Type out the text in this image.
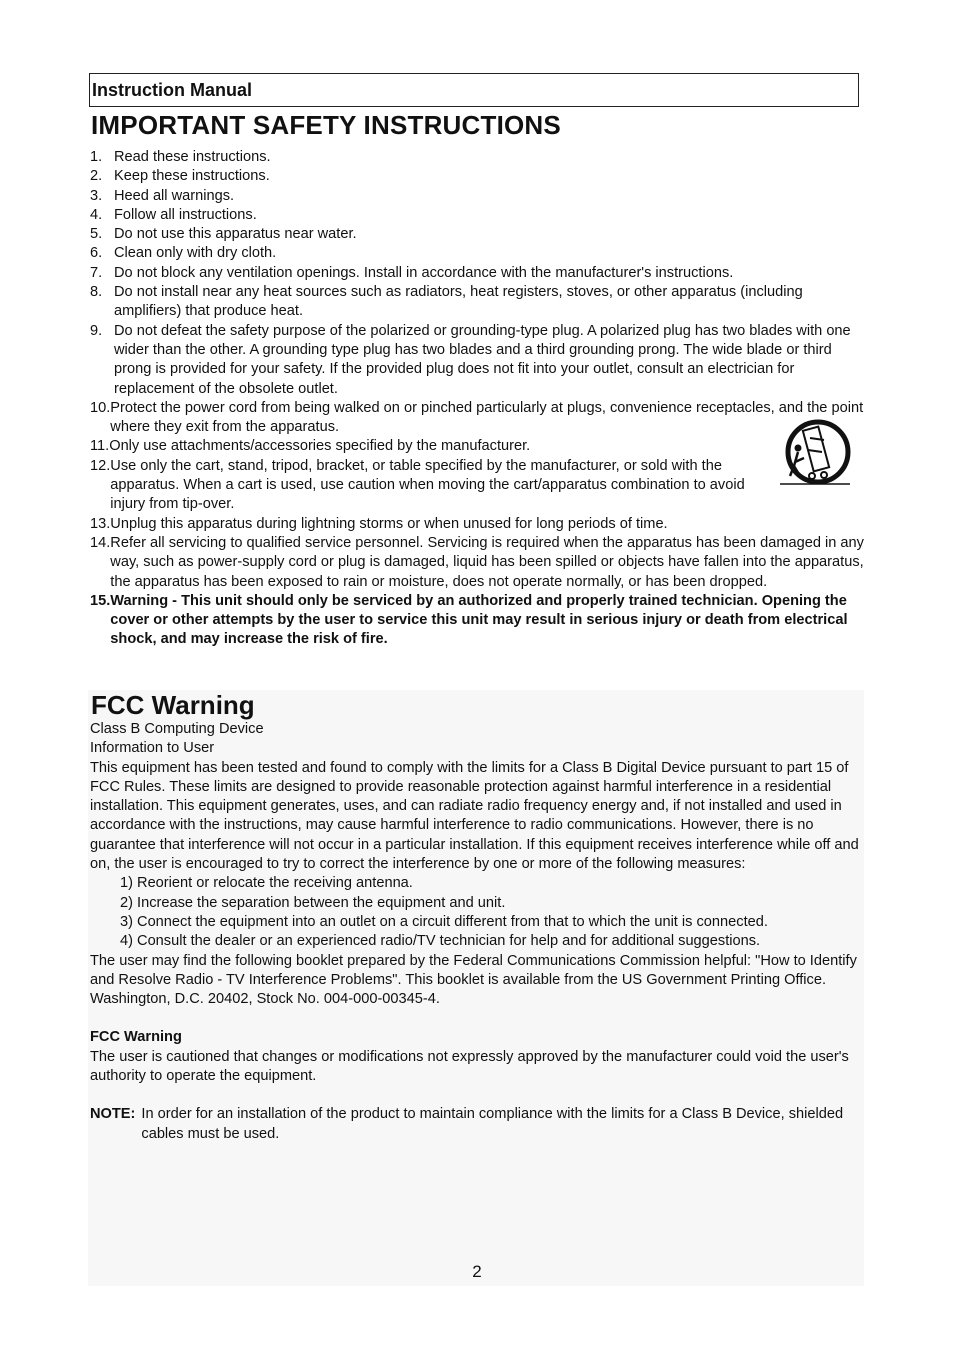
Instruction Manual
IMPORTANT SAFETY INSTRUCTIONS
1. Read these instructions.
2. Keep these instructions.
3. Heed all warnings.
4. Follow all instructions.
5. Do not use this apparatus near water.
6. Clean only with dry cloth.
7. Do not block any ventilation openings. Install in accordance with the manufacturer's instructions.
8. Do not install near any heat sources such as radiators, heat registers, stoves, or other apparatus (including amplifiers) that produce heat.
9. Do not defeat the safety purpose of the polarized or grounding-type plug. A polarized plug has two blades with one wider than the other. A grounding type plug has two blades and a third grounding prong. The wide blade or third prong is provided for your safety. If the provided plug does not fit into your outlet, consult an electrician for replacement of the obsolete outlet.
10. Protect the power cord from being walked on or pinched particularly at plugs, convenience receptacles, and the point where they exit from the apparatus.
11. Only use attachments/accessories specified by the manufacturer.
12. Use only the cart, stand, tripod, bracket, or table specified by the manufacturer, or sold with the apparatus. When a cart is used, use caution when moving the cart/apparatus combination to avoid injury from tip-over.
13. Unplug this apparatus during lightning storms or when unused for long periods of time.
14. Refer all servicing to qualified service personnel. Servicing is required when the apparatus has been damaged in any way, such as power-supply cord or plug is damaged, liquid has been spilled or objects have fallen into the apparatus, the apparatus has been exposed to rain or moisture, does not operate normally, or has been dropped.
15. Warning - This unit should only be serviced by an authorized and properly trained technician. Opening the cover or other attempts by the user to service this unit may result in serious injury or death from electrical shock, and may increase the risk of fire.
FCC Warning

Class B Computing Device

Information to User

This equipment has been tested and found to comply with the limits for a Class B Digital Device pursuant to part 15 of FCC Rules. These limits are designed to provide reasonable protection against harmful interference in a residential installation. This equipment generates, uses, and can radiate radio frequency energy and, if not installed and used in accordance with the instructions, may cause harmful interference to radio communications. However, there is no guarantee that interference will not occur in a particular installation. If this equipment receives interference while off and on, the user is encouraged to try to correct the interference by one or more of the following measures:

1) Reorient or relocate the receiving antenna.

2) Increase the separation between the equipment and unit.

3) Connect the equipment into an outlet on a circuit different from that to which the unit is connected.

4) Consult the dealer or an experienced radio/TV technician for help and for additional suggestions.

The user may find the following booklet prepared by the Federal Communications Commission helpful: "How to Identify and Resolve Radio - TV Interference Problems". This booklet is available from the US Government Printing Office. Washington, D.C. 20402, Stock No. 004-000-00345-4.

FCC Warning

The user is cautioned that changes or modifications not expressly approved by the manufacturer could void the user's authority to operate the equipment.

NOTE: In order for an installation of the product to maintain compliance with the limits for a Class B Device, shielded cables must be used.

2
